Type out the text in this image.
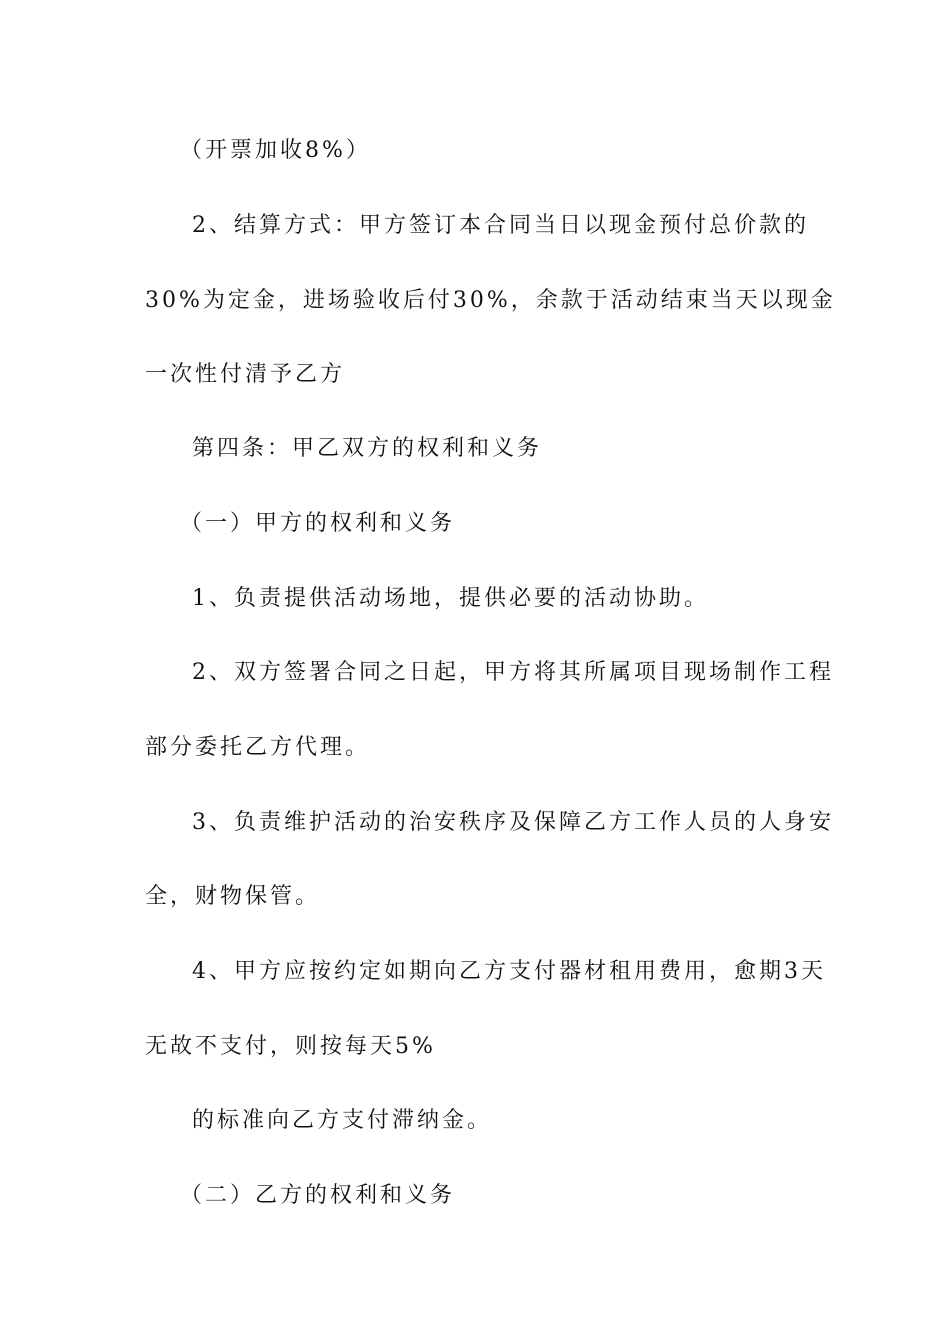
（开票加收8%）
2、结算方式：甲方签订本合同当日以现金预付总价款的
30%为定金，进场验收后付30%，余款于活动结束当天以现金
一次性付清予乙方
第四条：甲乙双方的权利和义务
（一）甲方的权利和义务
1、负责提供活动场地，提供必要的活动协助。
2、双方签署合同之日起，甲方将其所属项目现场制作工程
部分委托乙方代理。
3、负责维护活动的治安秩序及保障乙方工作人员的人身安
全，财物保管。
4、甲方应按约定如期向乙方支付器材租用费用，愈期3天
无故不支付，则按每天5%
的标准向乙方支付滞纳金。
（二）乙方的权利和义务
